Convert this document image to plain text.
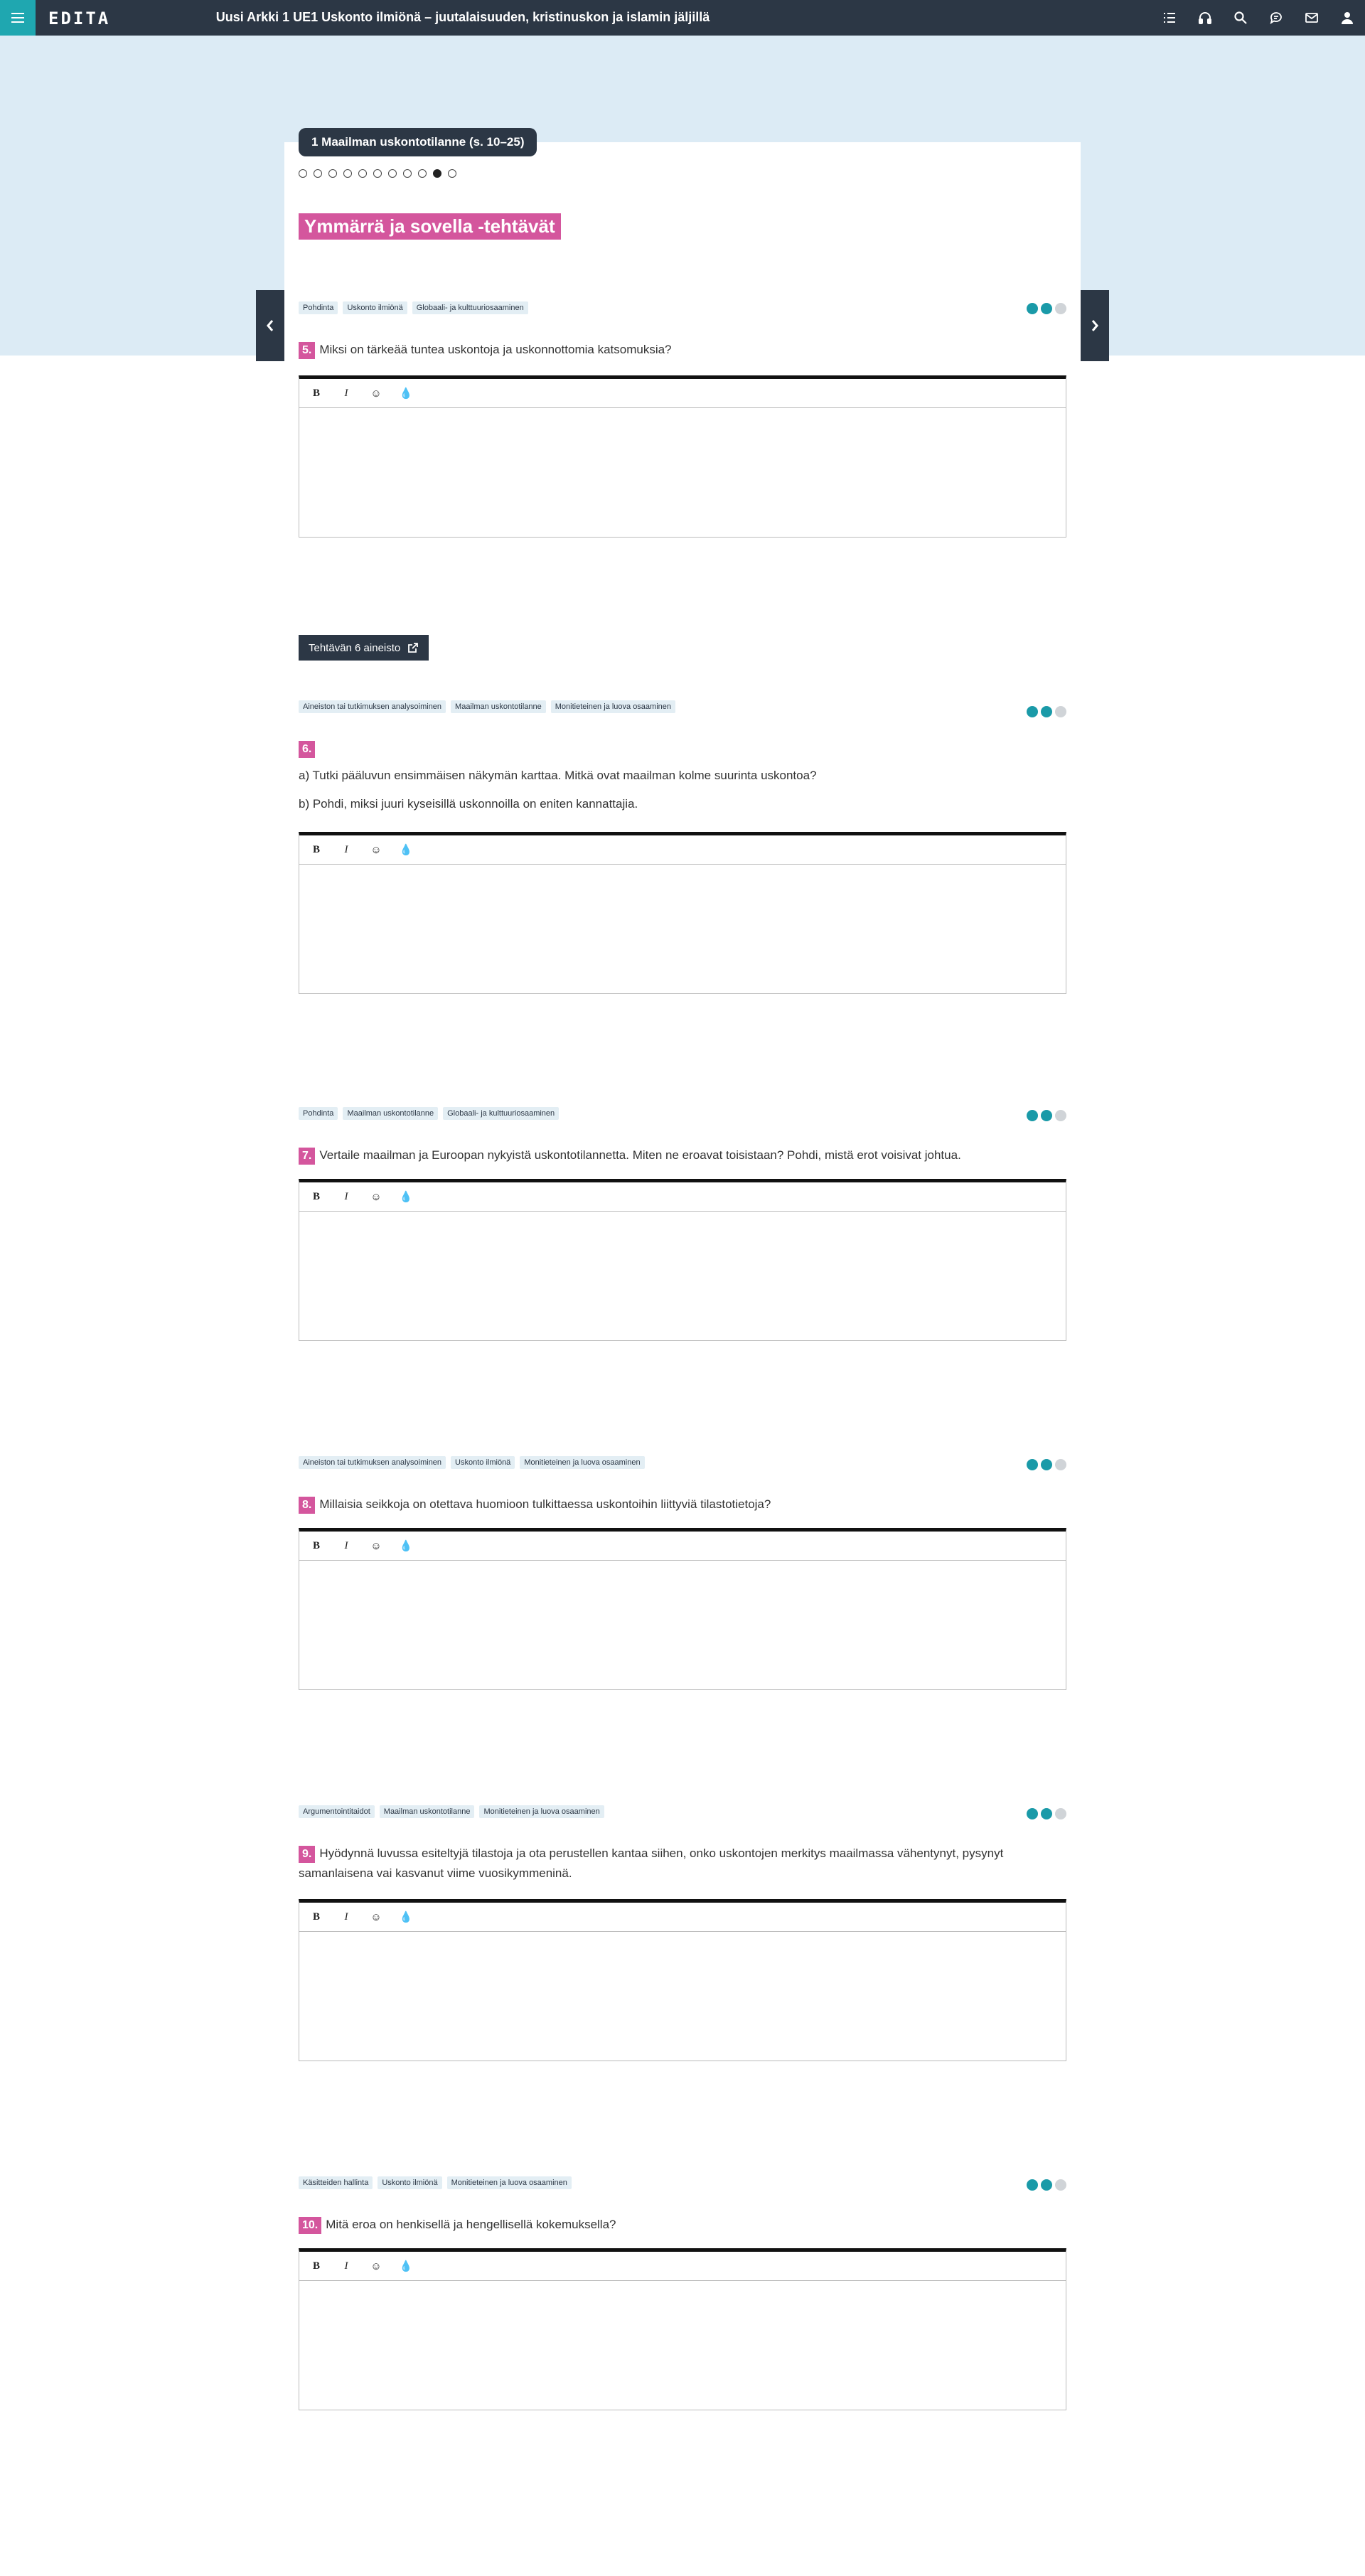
EDITA	Uusi Arkki 1 UE1 Uskonto ilmiönä – juutalaisuuden, kristinuskon ja islamin jäljillä
1 Maailman uskontotilanne (s. 10–25)
Ymmärrä ja sovella -tehtävät
Tehtävän 6 aineisto
Pohdinta	Uskonto ilmiönä	Globaali- ja kulttuuriosaaminen
5. Miksi on tärkeää tuntea uskontoja ja uskonnottomia katsomuksia?
B	I	☺ 💧
Aineiston tai tutkimuksen analysoiminen	Maailman uskontotilanne	Monitieteinen ja luova osaaminen
6.
a) Tutki pääluvun ensimmäisen näkymän karttaa. Mitkä ovat maailman kolme suurinta uskontoa?
b) Pohdi, miksi juuri kyseisillä uskonnoilla on eniten kannattajia.
B	I	☺ 💧
Pohdinta	Maailman uskontotilanne	Globaali- ja kulttuuriosaaminen
7. Vertaile maailman ja Euroopan nykyistä uskontotilannetta. Miten ne eroavat toisistaan? Pohdi, mistä erot voisivat johtua.
B	I	☺ 💧
Aineiston tai tutkimuksen analysoiminen	Uskonto ilmiönä	Monitieteinen ja luova osaaminen
8. Millaisia seikkoja on otettava huomioon tulkittaessa uskontoihin liittyviä tilastotietoja?
B	I	☺ 💧
Argumentointitaidot	Maailman uskontotilanne	Monitieteinen ja luova osaaminen
9. Hyödynnä luvussa esiteltyjä tilastoja ja ota perustellen kantaa siihen, onko uskontojen merkitys maailmassa vähentynyt, pysynyt samanlaisena vai kasvanut viime vuosikymmeninä.
B	I	☺ 💧
Käsitteiden hallinta	Uskonto ilmiönä	Monitieteinen ja luova osaaminen
10. Mitä eroa on henkisellä ja hengellisellä kokemuksella?
B	I	☺ 💧
